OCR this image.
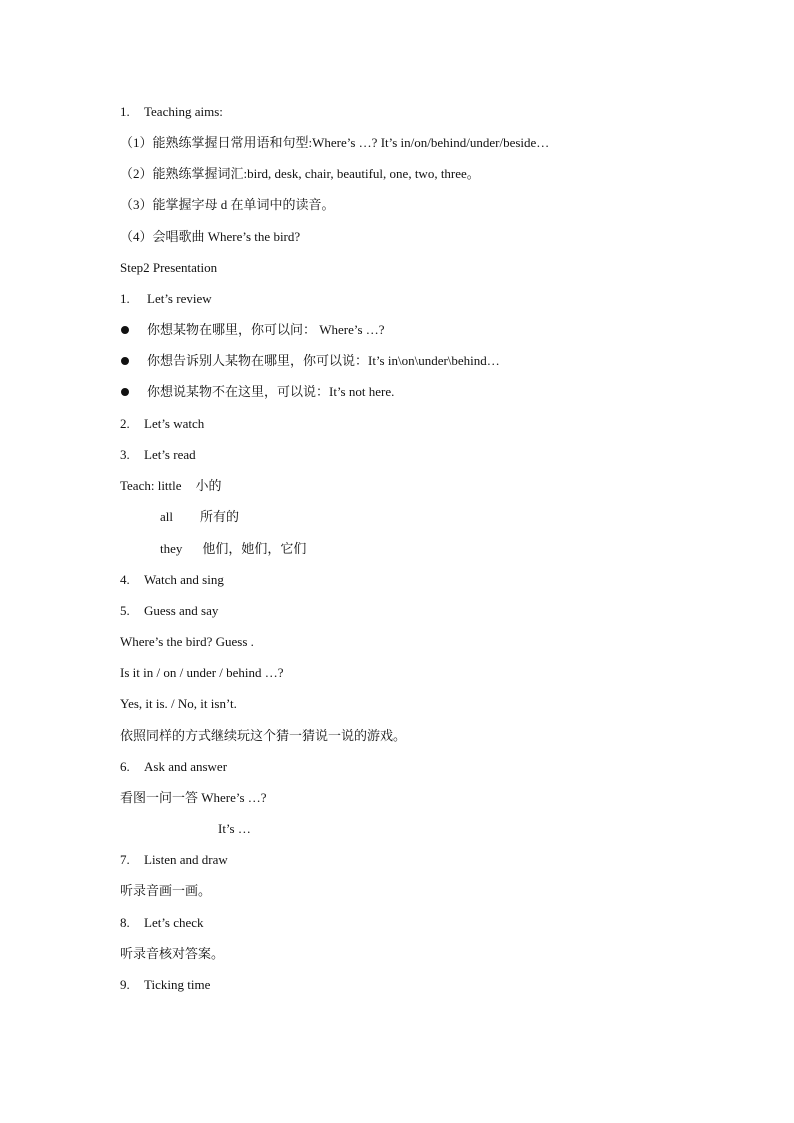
1. Teaching aims:
（1）能熟练掌握日常用语和句型:Where’s …? It’s in/on/behind/under/beside…
（2）能熟练掌握词汇:bird, desk, chair, beautiful, one, two, three。
（3）能掌握字母 d 在单词中的读音。
（4）会唱歌曲 Where’s the bird?
Step2 Presentation
1. Let’s review
你想某物在哪里，你可以问： Where’s …?
你想告诉别人某物在哪里，你可以说：It’s in\on\under\behind…
你想说某物不在这里，可以说：It’s not here.
2. Let’s watch
3. Let’s read
Teach: little 小的
all 所有的
they 他们，她们，它们
4. Watch and sing
5. Guess and say
Where’s the bird? Guess .
Is it in / on / under / behind …?
Yes, it is. / No, it isn’t.
依照同样的方式继续玩这个猜一猜说一说的游戏。
6. Ask and answer
看图一问一答 Where’s …?
It’s …
7. Listen and draw
听录音画一画。
8. Let’s check
听录音核对答案。
9. Ticking time
